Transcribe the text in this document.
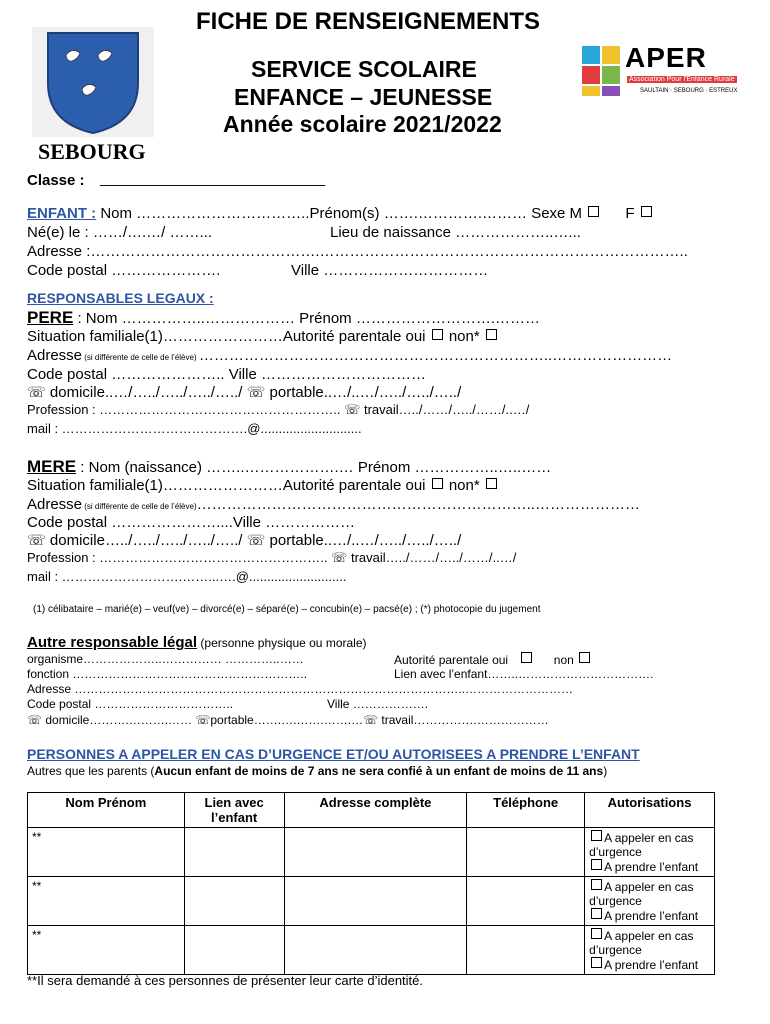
FICHE DE RENSEIGNEMENTS
SERVICE SCOLAIRE
ENFANCE – JEUNESSE
Année scolaire 2021/2022
SEBOURG
APER
Association Pour l'Enfance Rurale
SAULTAIN · SEBOURG · ESTREUX
Classe : ___________________________
ENFANT : Nom ……………………………..Prénom(s) …….………….……… Sexe M	F
Né(e) le : ……/….…/ ……...	Lieu de naissance ………………..…...
Adresse :……………………………………….………………………………………………………………..
Code postal ………………….	Ville ……………………………
RESPONSABLES LEGAUX :
PERE : Nom ……………..……………… Prénom ……………………….………
Situation familiale(1)……………………Autorité parentale oui non*
Adresse (si différente de celle de l’élève) ……………………………………………………………..……………………
Code postal ………………….. Ville ……………………………
☏ domicile..…/…../…../…../…../ ☏ portable..…/..…/…../…../…../
Profession : ……………………………………………….. ☏ travail…../……/…../……/..…/
mail : …………………………………….@............................
MERE : Nom (naissance) ……..……………….… Prénom ……………..…..……
Situation familiale(1)……………………Autorité parentale oui non*
Adresse (si différente de celle de l’élève)…………………………………………………………..…………………
Code postal …………………....Ville ………………
☏ domicile…../…../…../…../…../ ☏ portable..…/..…/…../…../…../
Profession : …………………………………………….. ☏ travail…../……/…../……/..…/
mail : ……………………….……...….@...........................
(1) célibataire – marié(e) – veuf(ve) – divorcé(e) – séparé(e) – concubin(e) – pacsé(e) ; (*) photocopie du jugement
Autre responsable légal (personne physique ou morale)
organisme………………..…………… …………..……	Autorité parentale oui	non
fonction …………………………………………………..	Lien avec l’enfant……..…………………………….
Adresse ……………………………………………………………………………………..………………………
Code postal ……………………………..	Ville ……………….
☏ domicile……….……….…… ☏portable…….….…….…….…☏ travail…………….………………
PERSONNES A APPELER EN CAS D’URGENCE ET/OU AUTORISEES A PRENDRE L’ENFANT
Autres que les parents (Aucun enfant de moins de 7 ans ne sera confié à un enfant de moins de 11 ans)
Nom Prénom	Lien avec l’enfant	Adresse complète	Téléphone	Autorisations
**				A appeler en cas d’urgence
A prendre l’enfant
**				A appeler en cas d’urgence
A prendre l’enfant
**				A appeler en cas d’urgence
A prendre l’enfant
**Il sera demandé à ces personnes de présenter leur carte d’identité.
